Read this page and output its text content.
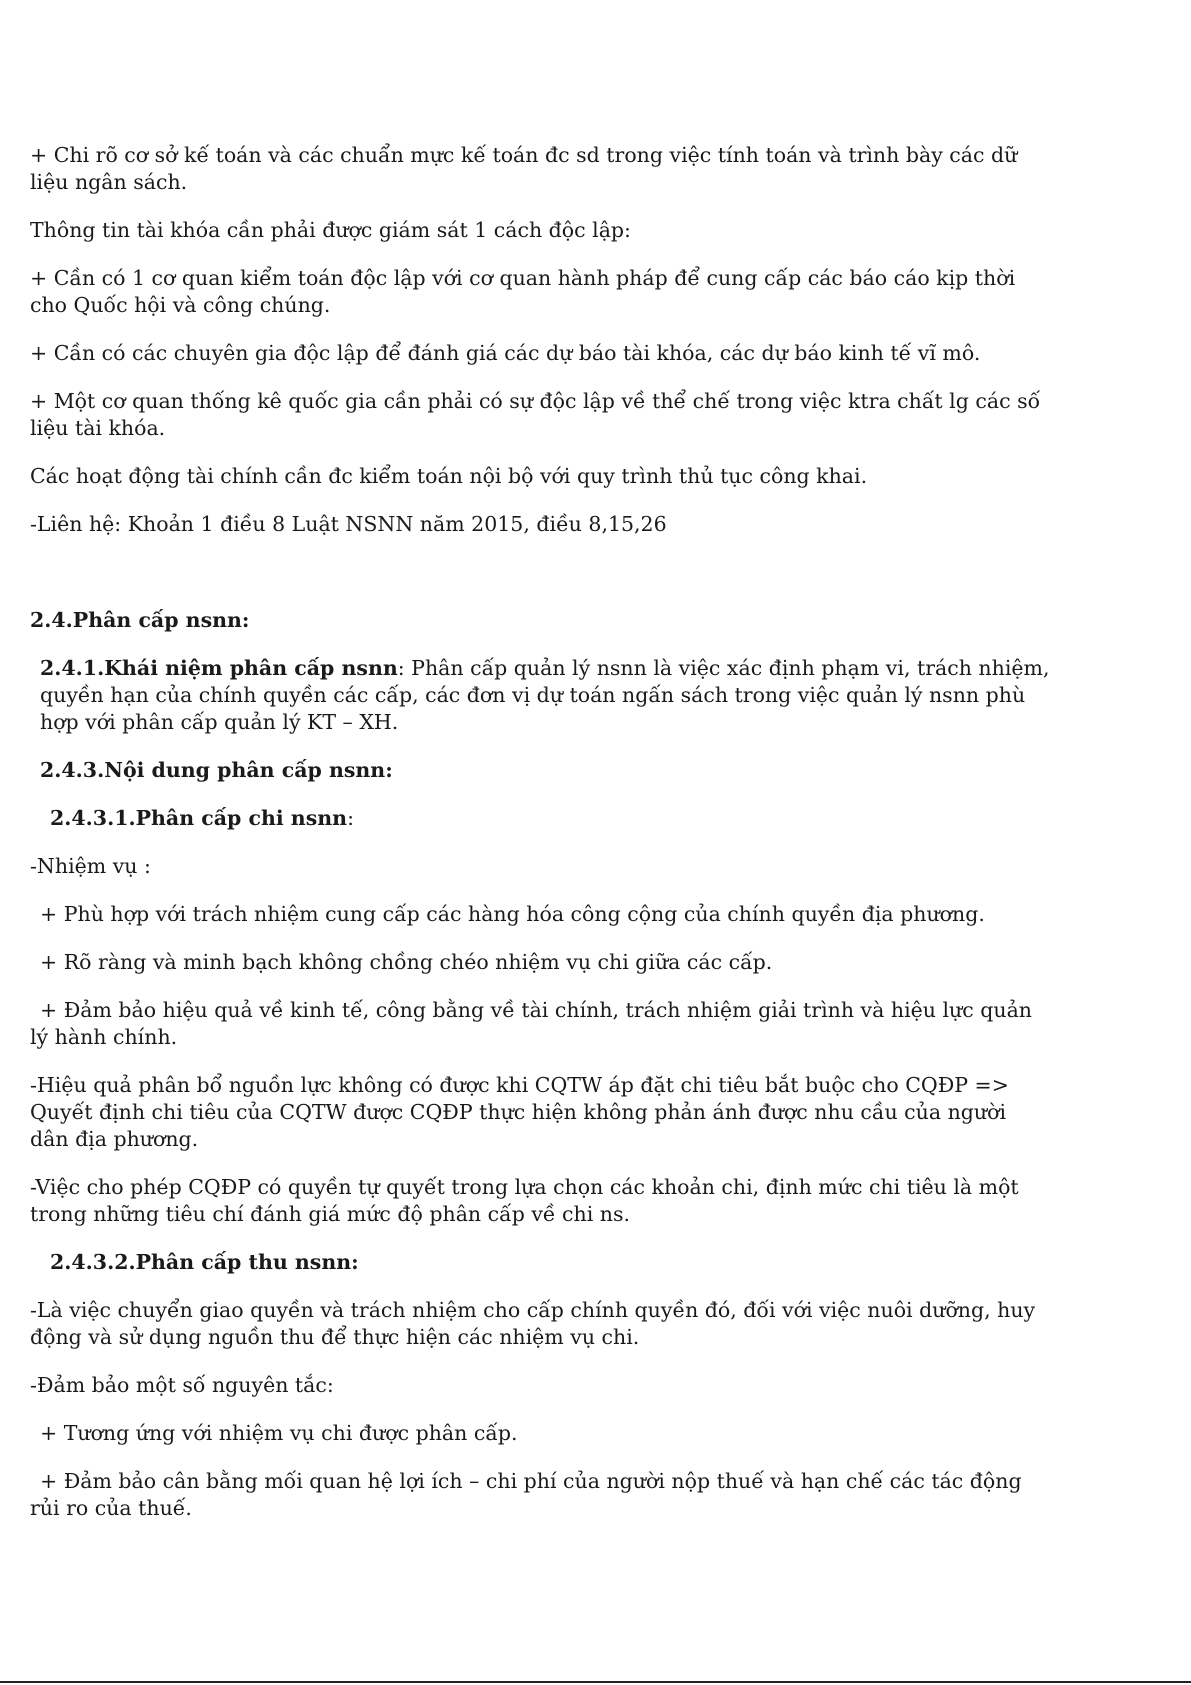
+ Chi rõ cơ sở kế toán và các chuẩn mực kế toán đc sd trong việc tính toán và trình bày các dữ liệu ngân sách.

Thông tin tài khóa cần phải được giám sát 1 cách độc lập:

+ Cần có 1 cơ quan kiểm toán độc lập với cơ quan hành pháp để cung cấp các báo cáo kịp thời cho Quốc hội và công chúng.

+ Cần có các chuyên gia độc lập để đánh giá các dự báo tài khóa, các dự báo kinh tế vĩ mô.

+ Một cơ quan thống kê quốc gia cần phải có sự độc lập về thể chế trong việc ktra chất lg các số liệu tài khóa.

Các hoạt động tài chính cần đc kiểm toán nội bộ với quy trình thủ tục công khai.

-Liên hệ: Khoản 1 điều 8 Luật NSNN năm 2015, điều 8,15,26

2.4.Phân cấp nsnn:

2.4.1.Khái niệm phân cấp nsnn: Phân cấp quản lý nsnn là việc xác định phạm vi, trách nhiệm, quyền hạn của chính quyền các cấp, các đơn vị dự toán ngấn sách trong việc quản lý nsnn phù hợp với phân cấp quản lý KT – XH.

2.4.3.Nội dung phân cấp nsnn:

2.4.3.1.Phân cấp chi nsnn:

-Nhiệm vụ :

+ Phù hợp với trách nhiệm cung cấp các hàng hóa công cộng của chính quyền địa phương.

+ Rõ ràng và minh bạch không chồng chéo nhiệm vụ chi giữa các cấp.

+ Đảm bảo hiệu quả về kinh tế, công bằng về tài chính, trách nhiệm giải trình và hiệu lực quản lý hành chính.

-Hiệu quả phân bổ nguồn lực không có được khi CQTW áp đặt chi tiêu bắt buộc cho CQĐP => Quyết định chi tiêu của CQTW được CQĐP thực hiện không phản ánh được nhu cầu của người dân địa phương.

-Việc cho phép CQĐP có quyền tự quyết trong lựa chọn các khoản chi, định mức chi tiêu là một trong những tiêu chí đánh giá mức độ phân cấp về chi ns.

2.4.3.2.Phân cấp thu nsnn:

-Là việc chuyển giao quyền và trách nhiệm cho cấp chính quyền đó, đối với việc nuôi dưỡng, huy động và sử dụng nguồn thu để thực hiện các nhiệm vụ chi.

-Đảm bảo một số nguyên tắc:

+ Tương ứng với nhiệm vụ chi được phân cấp.

+ Đảm bảo cân bằng mối quan hệ lợi ích – chi phí của người nộp thuế và hạn chế các tác động rủi ro của thuế.
